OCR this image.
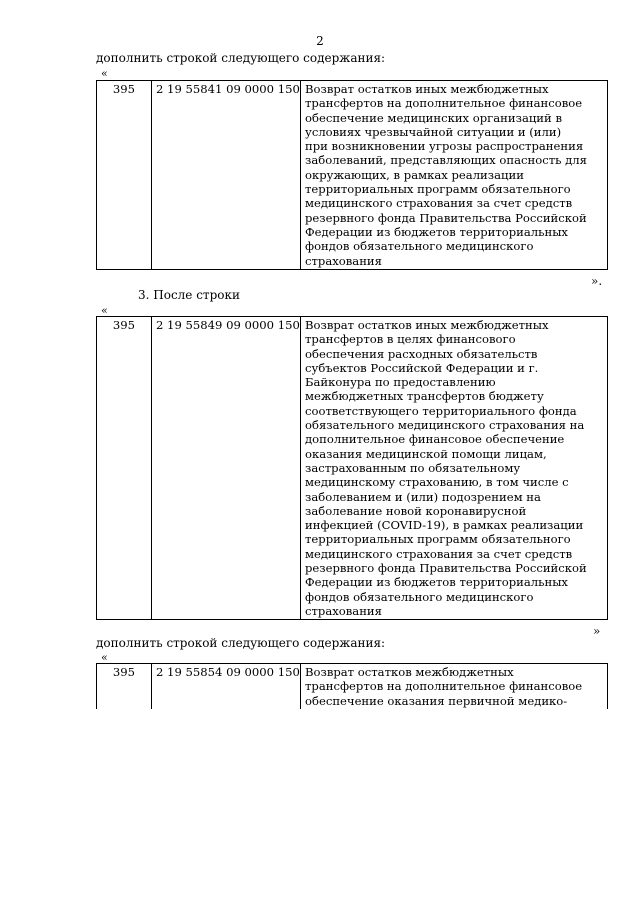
2
дополнить строкой следующего содержания:
«
395	2 19 55841 09 0000 150	Возврат остатков иных межбюджетных
трансфертов на дополнительное финансовое
обеспечение медицинских организаций в
условиях чрезвычайной ситуации и (или)
при возникновении угрозы распространения
заболеваний, представляющих опасность для
окружающих, в рамках реализации
территориальных программ обязательного
медицинского страхования за счет средств
резервного фонда Правительства Российской
Федерации из бюджетов территориальных
фондов обязательного медицинского
страхования
».
3. После строки
«
395	2 19 55849 09 0000 150	Возврат остатков иных межбюджетных
трансфертов в целях финансового
обеспечения расходных обязательств
субъектов Российской Федерации и г.
Байконура по предоставлению
межбюджетных трансфертов бюджету
соответствующего территориального фонда
обязательного медицинского страхования на
дополнительное финансовое обеспечение
оказания медицинской помощи лицам,
застрахованным по обязательному
медицинскому страхованию, в том числе с
заболеванием и (или) подозрением на
заболевание новой коронавирусной
инфекцией (COVID-19), в рамках реализации
территориальных программ обязательного
медицинского страхования за счет средств
резервного фонда Правительства Российской
Федерации из бюджетов территориальных
фондов обязательного медицинского
страхования
»
дополнить строкой следующего содержания:
«
395	2 19 55854 09 0000 150	Возврат остатков межбюджетных
трансфертов на дополнительное финансовое
обеспечение оказания первичной медико-
